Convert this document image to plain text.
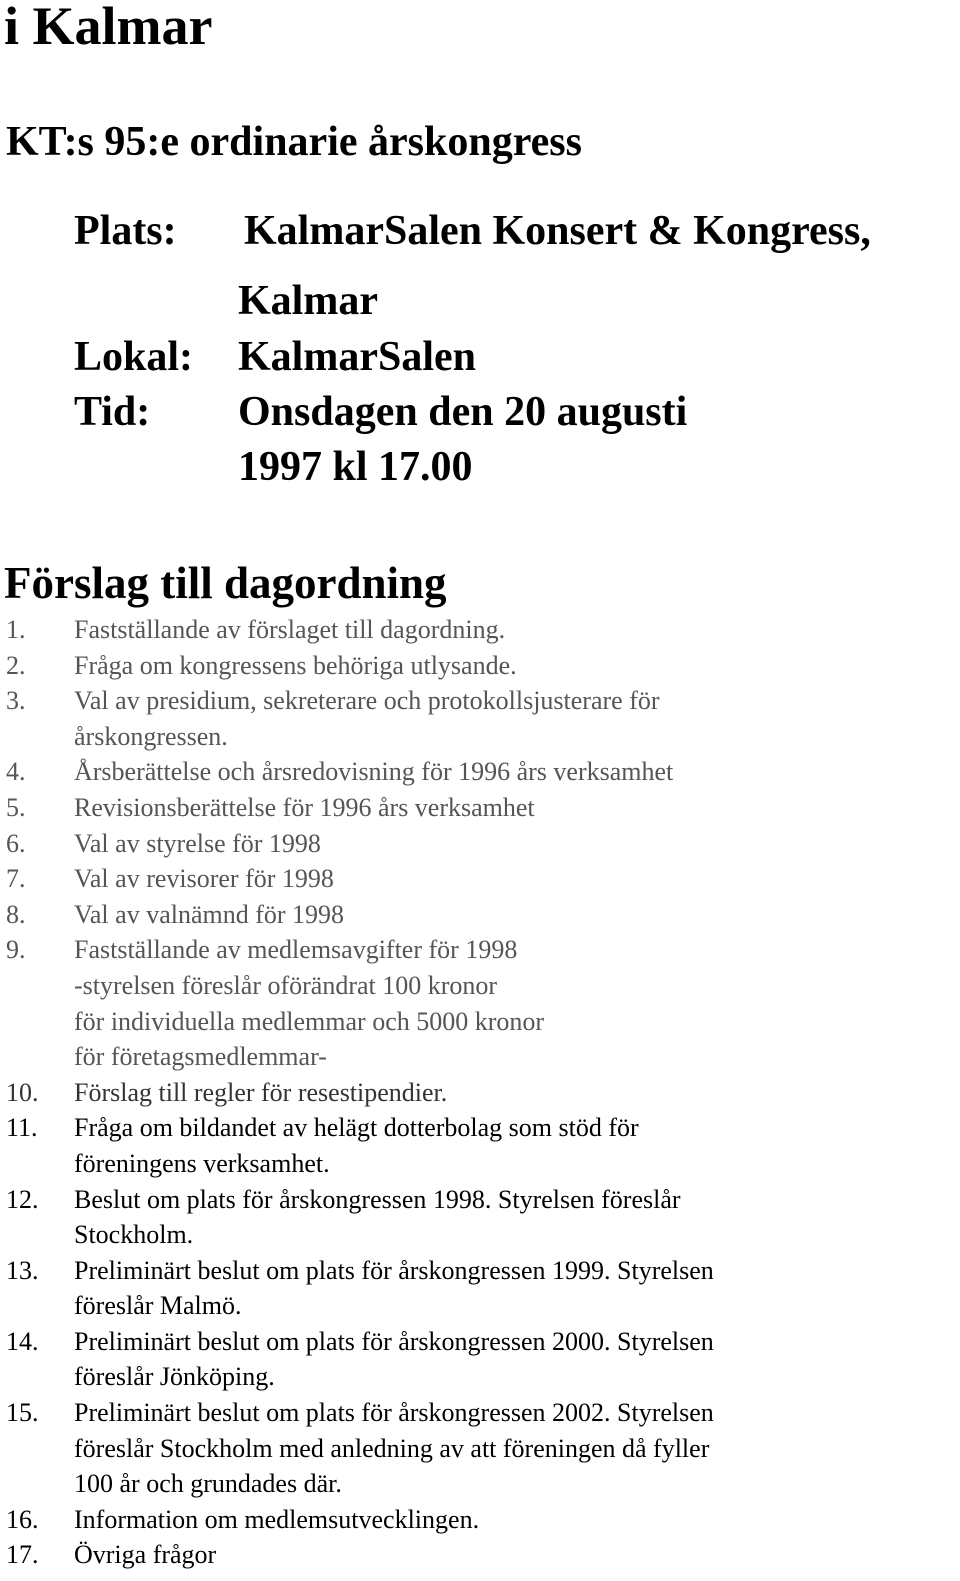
i Kalmar
KT:s 95:e ordinarie årskongress
Plats: KalmarSalen Konsert & Kongress,
Kalmar
Lokal: KalmarSalen
Tid: Onsdagen den 20 augusti
1997 kl 17.00
Förslag till dagordning
1. Fastställande av förslaget till dagordning.
2. Fråga om kongressens behöriga utlysande.
3. Val av presidium, sekreterare och protokollsjusterare för
årskongressen.
4. Årsberättelse och årsredovisning för 1996 års verksamhet
5. Revisionsberättelse för 1996 års verksamhet
6. Val av styrelse för 1998
7. Val av revisorer för 1998
8. Val av valnämnd för 1998
9. Fastställande av medlemsavgifter för 1998
-styrelsen föreslår oförändrat 100 kronor
för individuella medlemmar och 5000 kronor
för företagsmedlemmar-
10. Förslag till regler för resestipendier.
11. Fråga om bildandet av helägt dotterbolag som stöd för
föreningens verksamhet.
12. Beslut om plats för årskongressen 1998. Styrelsen föreslår
Stockholm.
13. Preliminärt beslut om plats för årskongressen 1999. Styrelsen
föreslår Malmö.
14. Preliminärt beslut om plats för årskongressen 2000. Styrelsen
föreslår Jönköping.
15. Preliminärt beslut om plats för årskongressen 2002. Styrelsen
föreslår Stockholm med anledning av att föreningen då fyller
100 år och grundades där.
16. Information om medlemsutvecklingen.
17. Övriga frågor
